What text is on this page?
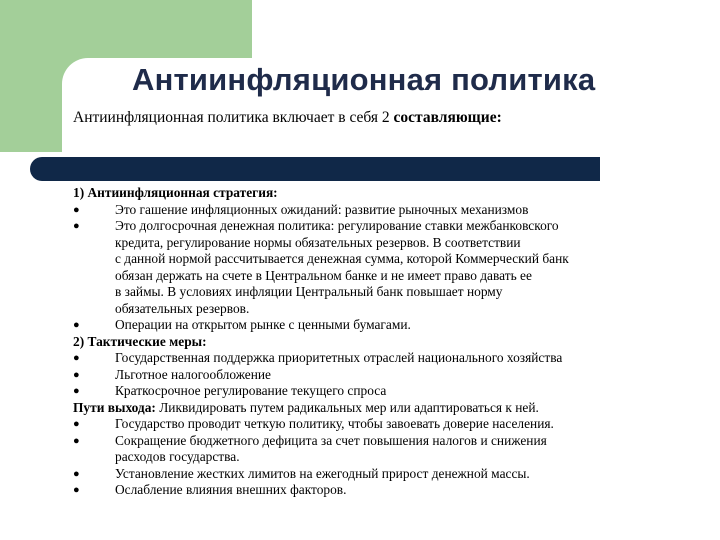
Антиинфляционная политика
Антиинфляционная политика включает в себя 2 составляющие:
1) Антиинфляционная стратегия:
●	Это гашение инфляционных ожиданий: развитие рыночных механизмов
●	Это долгосрочная денежная политика: регулирование ставки межбанковского
кредита, регулирование нормы обязательных резервов. В соответствии
с данной нормой рассчитывается денежная сумма, которой Коммерческий банк
обязан держать на счете в Центральном банке и не имеет право давать ее
в займы. В условиях инфляции Центральный банк повышает норму
обязательных резервов.
●	Операции на открытом рынке с ценными бумагами.
2) Тактические меры:
●	Государственная поддержка приоритетных отраслей национального хозяйства
●	Льготное налогообложение
●	Краткосрочное регулирование текущего спроса
Пути выхода: Ликвидировать путем радикальных мер или адаптироваться к ней.
●	Государство проводит четкую политику, чтобы завоевать доверие населения.
●	Сокращение бюджетного дефицита за счет повышения налогов и снижения
расходов государства.
●	Установление жестких лимитов на ежегодный прирост денежной массы.
●	Ослабление влияния внешних факторов.
